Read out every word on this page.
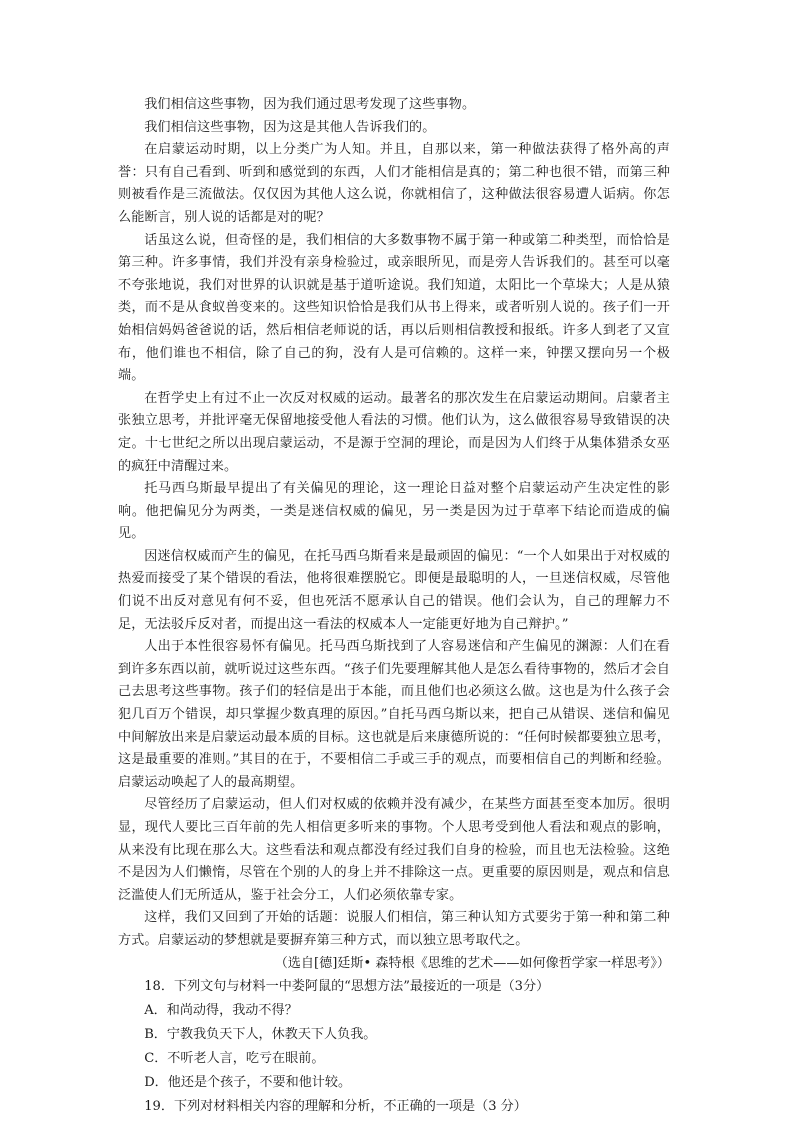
我们相信这些事物，因为我们通过思考发现了这些事物。

我们相信这些事物，因为这是其他人告诉我们的。

在启蒙运动时期，以上分类广为人知。并且，自那以来，第一种做法获得了格外高的声誉：只有自己看到、听到和感觉到的东西，人们才能相信是真的；第二种也很不错，而第三种则被看作是三流做法。仅仅因为其他人这么说，你就相信了，这种做法很容易遭人诟病。你怎么能断言，别人说的话都是对的呢？

话虽这么说，但奇怪的是，我们相信的大多数事物不属于第一种或第二种类型，而恰恰是第三种。许多事情，我们并没有亲身检验过，或亲眼所见，而是旁人告诉我们的。甚至可以毫不夸张地说，我们对世界的认识就是基于道听途说。我们知道，太阳比一个草垛大；人是从猿类，而不是从食蚁兽变来的。这些知识恰恰是我们从书上得来，或者听别人说的。孩子们一开始相信妈妈爸爸说的话，然后相信老师说的话，再以后则相信教授和报纸。许多人到老了又宣布，他们谁也不相信，除了自己的狗，没有人是可信赖的。这样一来，钟摆又摆向另一个极端。

在哲学史上有过不止一次反对权威的运动。最著名的那次发生在启蒙运动期间。启蒙者主张独立思考，并批评毫无保留地接受他人看法的习惯。他们认为，这么做很容易导致错误的决定。十七世纪之所以出现启蒙运动，不是源于空洞的理论，而是因为人们终于从集体猎杀女巫的疯狂中清醒过来。

托马西乌斯最早提出了有关偏见的理论，这一理论日益对整个启蒙运动产生决定性的影响。他把偏见分为两类，一类是迷信权威的偏见，另一类是因为过于草率下结论而造成的偏见。

因迷信权威而产生的偏见，在托马西乌斯看来是最顽固的偏见：“一个人如果出于对权威的热爱而接受了某个错误的看法，他将很难摆脱它。即便是最聪明的人，一旦迷信权威，尽管他们说不出反对意见有何不妥，但也死活不愿承认自己的错误。他们会认为，自己的理解力不足，无法驳斥反对者，而提出这一看法的权威本人一定能更好地为自己辩护。”

人出于本性很容易怀有偏见。托马西乌斯找到了人容易迷信和产生偏见的渊源：人们在看到许多东西以前，就听说过这些东西。“孩子们先要理解其他人是怎么看待事物的，然后才会自己去思考这些事物。孩子们的轻信是出于本能，而且他们也必须这么做。这也是为什么孩子会犯几百万个错误，却只掌握少数真理的原因。”自托马西乌斯以来，把自己从错误、迷信和偏见中间解放出来是启蒙运动最本质的目标。这也就是后来康德所说的：“任何时候都要独立思考，这是最重要的准则。”其目的在于，不要相信二手或三手的观点，而要相信自己的判断和经验。启蒙运动唤起了人的最高期望。

尽管经历了启蒙运动，但人们对权威的依赖并没有减少，在某些方面甚至变本加厉。很明显，现代人要比三百年前的先人相信更多听来的事物。个人思考受到他人看法和观点的影响，从来没有比现在那么大。这些看法和观点都没有经过我们自身的检验，而且也无法检验。这绝不是因为人们懒惰，尽管在个别的人的身上并不排除这一点。更重要的原因则是，观点和信息泛滥使人们无所适从，鉴于社会分工，人们必须依靠专家。

这样，我们又回到了开始的话题：说服人们相信，第三种认知方式要劣于第一种和第二种方式。启蒙运动的梦想就是要摒弃第三种方式，而以独立思考取代之。

（选自[德]廷斯• 森特根《思维的艺术——如何像哲学家一样思考》）

18．下列文句与材料一中娄阿鼠的“思想方法”最接近的一项是（3分）

A．和尚动得，我动不得？

B．宁教我负天下人，休教天下人负我。

C．不听老人言，吃亏在眼前。

D．他还是个孩子，不要和他计较。

19．下列对材料相关内容的理解和分析，不正确的一项是（3 分）
